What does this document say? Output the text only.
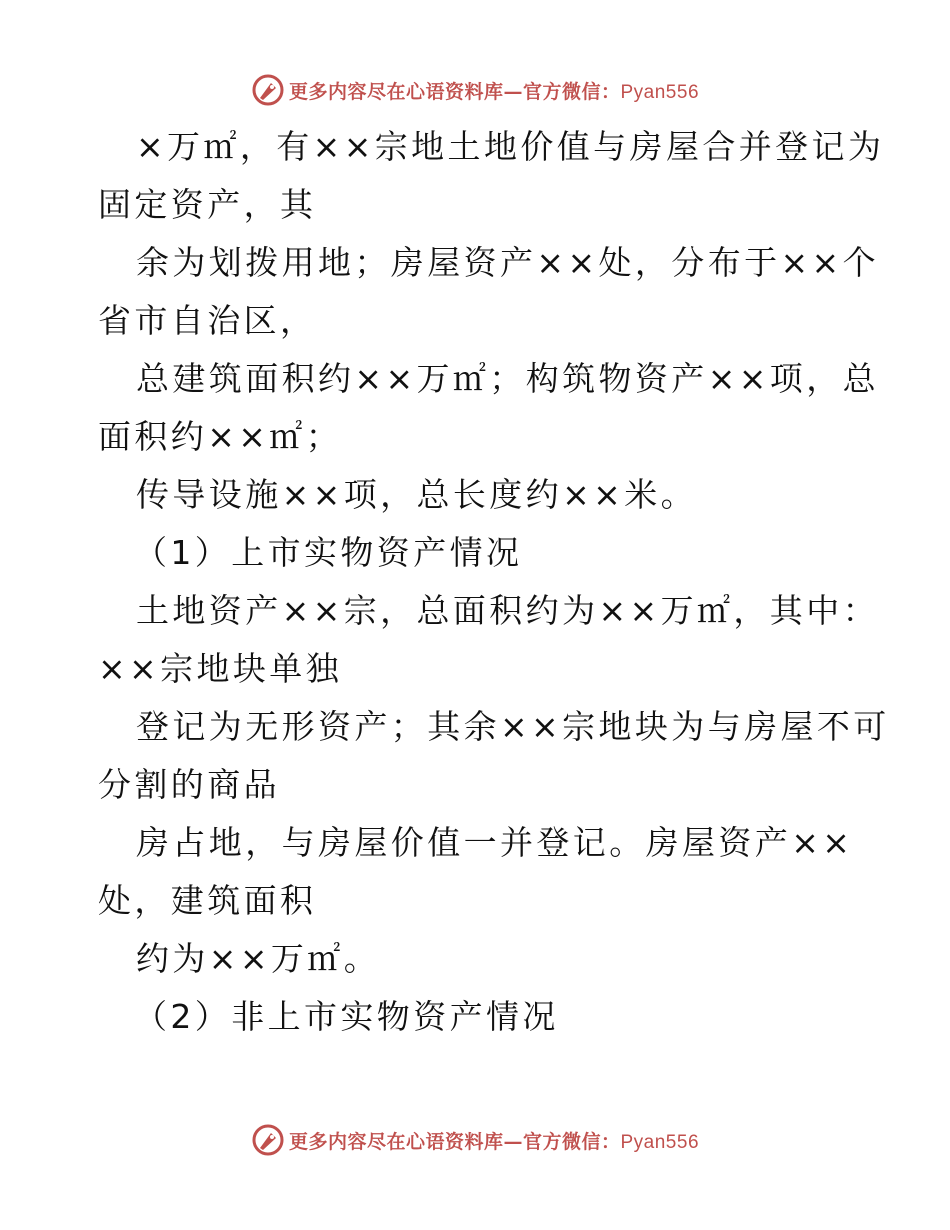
更多内容尽在心语资料库—官方微信：Pyan556
×万㎡，有××宗地土地价值与房屋合并登记为
固定资产，其
余为划拨用地；房屋资产××处，分布于××个
省市自治区，
总建筑面积约××万㎡；构筑物资产××项，总
面积约××㎡；
传导设施××项，总长度约××米。
（1）上市实物资产情况
土地资产××宗，总面积约为××万㎡，其中：
××宗地块单独
登记为无形资产；其余××宗地块为与房屋不可
分割的商品
房占地，与房屋价值一并登记。房屋资产××
处，建筑面积
约为××万㎡。
（2）非上市实物资产情况
更多内容尽在心语资料库—官方微信：Pyan556
